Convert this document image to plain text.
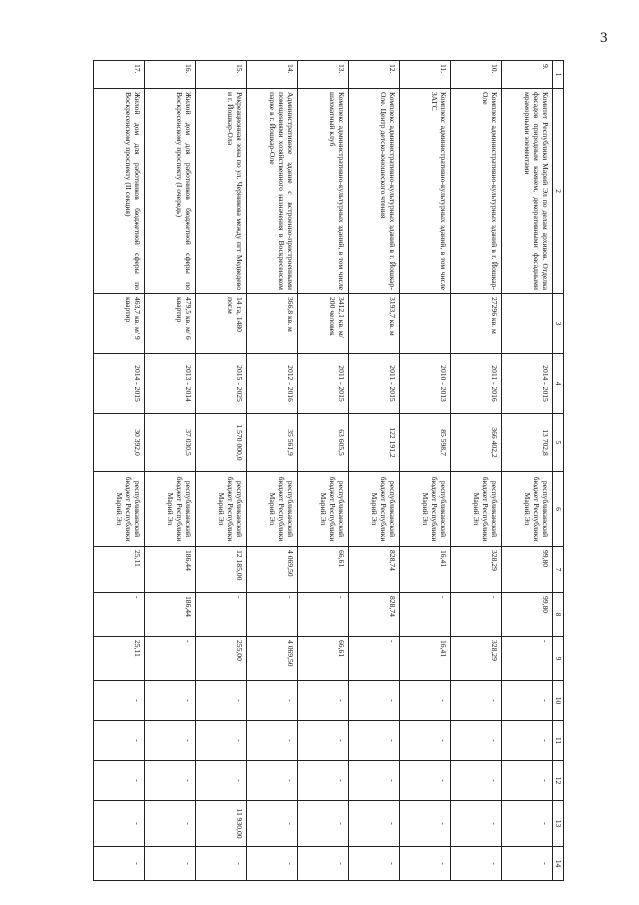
3
1	2	3	4	5	6	7	8	9	10	11	12	13	14
9.	Комитет Республики Марий Эл по делам архивов. Отделка фасадов природным камнем, декоративными фасадными мраморными элементами		2014 - 2015	13 702,8	республиканский бюджет Республики Марий Эл	99,80	99,80	-	-	-	-	-	-
10.	Комплекс административно-культурных зданий в г. Йошкар-Оле	27296 кв. м	2011 - 2016	366 402,2	республиканский бюджет Республики Марий Эл	328,29	-	328,29	-	-	-	-	-
11.	Комплекс административно-культурных зданий, в том числе ЗАГС		2010 - 2013	85 598,7	республиканский бюджет Республики Марий Эл	16,41	-	16,41	-	-	-	-	-
12.	Комплекс административно-культурных зданий в г. Йошкар-Оле. Центр детско-юношеского чтения	3193,7 кв. м	2011 - 2015	122 191,2	республиканский бюджет Республики Марий Эл	828,74	828,74	-	-	-	-	-	-
13.	Комплекс административно-культурных зданий, в том числе шахматный клуб	3412,1 кв. м/ 200 человек	2011 - 2015	63 605,5	республиканский бюджет Республики Марий Эл	66,61	-	66,61	-	-	-	-	-
14.	Административное здание с встроенно-пристроенными помещениями хозяйственного назначения в Воскресенском парке в г. Йошкар-Оле	366,8 кв. м	2012 - 2016	35 561,9	республиканский бюджет Республики Марий Эл	4 069,50	-	4 069,50	-	-	-	-	-
15.	Рекреационная зона по ул. Черникова между пгт Медведево и г. Йошкар-Ола	14 га, 1480 пог.м	2015 - 2025	1 570 000,0	республиканский бюджет Республики Марий Эл	12 185,00	-	255,00	-	-	-	11 930,00	-
16.	Жилой дом для работников бюджетной сферы по Воскресенскому проспекту (I очередь)	479,5 кв. м/ 6 квартир	2013 - 2014	37 030,5	республиканский бюджет Республики Марий Эл	186,44	186,44	-	-	-	-	-	-
17.	Жилой дом для работников бюджетной сферы по Воскресенскому проспекту (II секция)	463,7 кв. м/ 9 квартир	2014 - 2015	30 392,0	республиканский бюджет Республики Марий Эл	25,11	-	25,11	-	-	-	-	-
